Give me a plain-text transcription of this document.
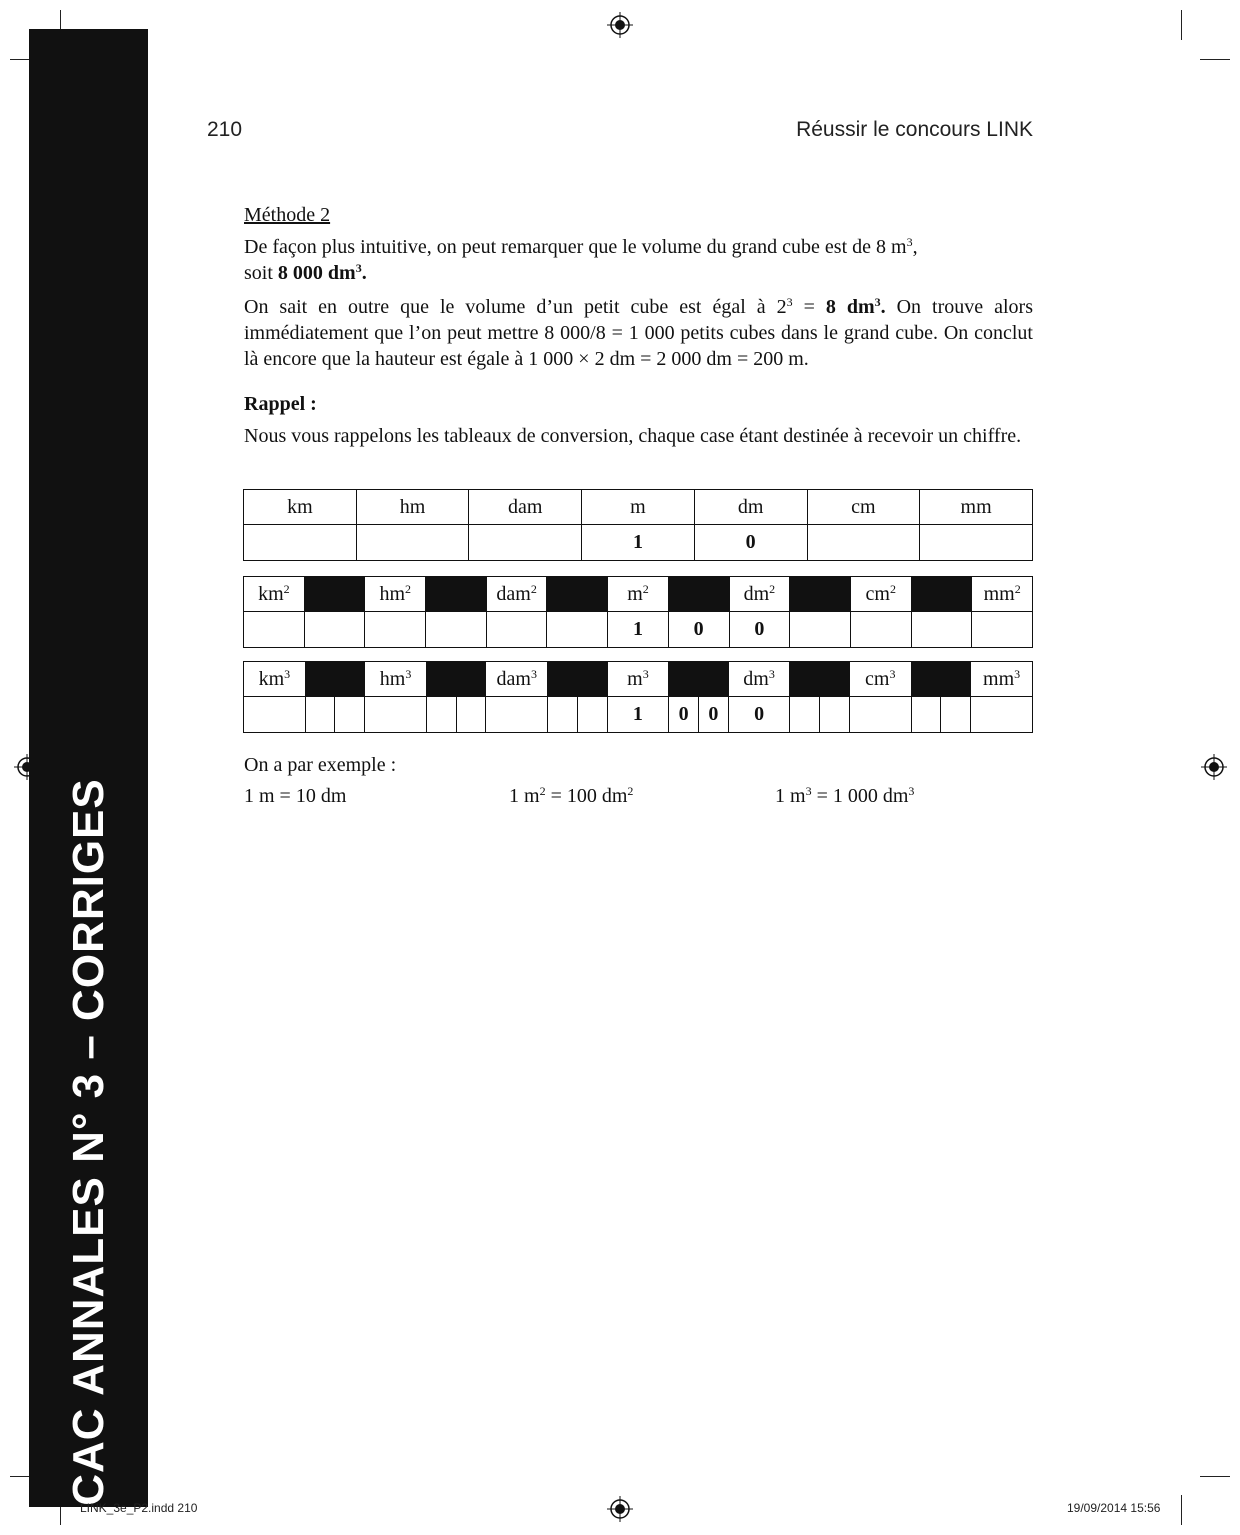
CAC ANNALES N° 3 – CORRIGES
210	Réussir le concours LINK
Méthode 2
De façon plus intuitive, on peut remarquer que le volume du grand cube est de 8 $m^3$,
soit 8 000 $dm^3$.
On sait en outre que le volume d’un petit cube est égal à $2^3 = 8$ $dm^3$. On trouve alors immédiatement que l’on peut mettre 8 000/8 = 1 000 petits cubes dans le grand cube. On conclut là encore que la hauteur est égale à 1 000 × 2 dm = 2 000 dm = 200 m.
Rappel :
Nous vous rappelons les tableaux de conversion, chaque case étant destinée à recevoir un chiffre.
km	hm	dam	m	dm	cm	mm
			1	0		
$km^2$		$hm^2$		dam$^2$		$m^2$		$dm^2$		$cm^2$		$mm^2$
						1	0	0				
$km^3$			$hm^3$			dam$^3$			$m^3$			$dm^3$			$cm^3$			$mm^3$
									1	0	0	0						
On a par exemple :
1 m = 10 dm	1 $m^2 = 100$ $dm^2$	1 $m^3 = 1$ 000 $dm^3$
LINK_3e_P2.indd 210	19/09/2014 15:56
